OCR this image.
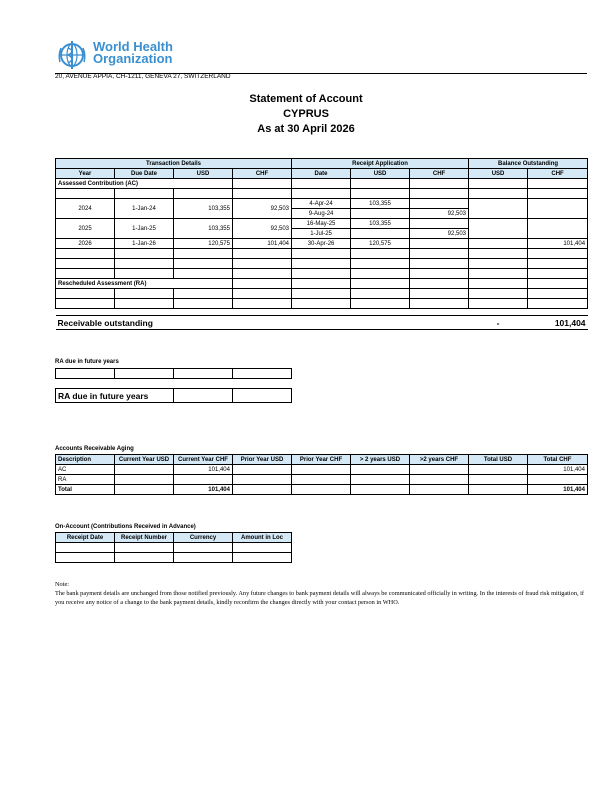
World Health
Organization
20, AVENUE APPIA, CH-1211, GENEVA 27, SWITZERLAND
Statement of Account
CYPRUS
As at 30 April 2026
Transaction Details				Receipt Application			Balance Outstanding	
Year	Due Date	USD	CHF	Date	USD	CHF	USD	CHF
Assessed Contribution (AC)								

2024	1-Jan-24	103,355	92,503	4-Apr-24	103,355			
				9-Aug-24		92,503		
2025	1-Jan-25	103,355	92,503	16-May-25	103,355			
				1-Jul-25		92,503		
2026	1-Jan-26	120,575	101,404	30-Apr-26	120,575			101,404

Rescheduled Assessment (RA)								

Receivable outstanding							-	101,404
RA due in future years

RA due in future years		
Accounts Receivable Aging
Description	Current Year USD	Current Year CHF	Prior Year USD	Prior Year CHF	> 2 years USD	>2 years CHF	Total USD	Total CHF
AC		101,404						101,404
RA								
Total		101,404						101,404
On-Account (Contributions Received in Advance)
Receipt Date	Receipt Number	Currency	Amount in Loc

Note:
The bank payment details are unchanged from those notified previously. Any future changes to bank payment details will always be communicated officially in writing. In the interests of fraud risk mitigation, if you receive any notice of a change to the bank payment details, kindly reconfirm the changes directly with your contact person in WHO.
